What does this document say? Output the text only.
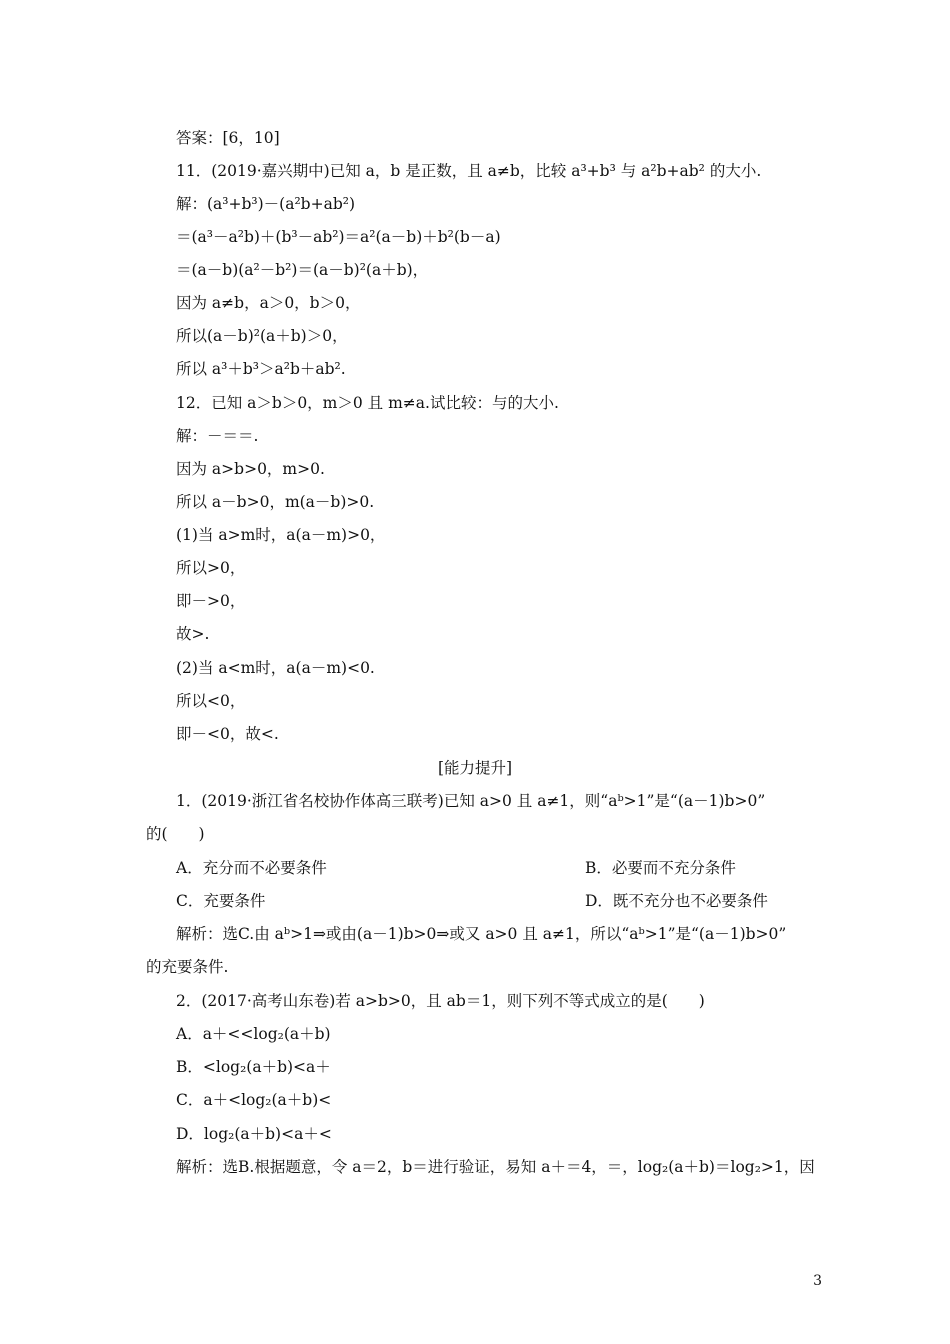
答案：[6，10]
11．(2019·嘉兴期中)已知 a，b 是正数，且 a≠b，比较 a³+b³ 与 a²b+ab² 的大小.
解：(a³+b³)－(a²b+ab²)
＝(a³－a²b)＋(b³－ab²)＝a²(a－b)＋b²(b－a)
＝(a－b)(a²－b²)＝(a－b)²(a＋b)，
因为 a≠b，a＞0，b＞0，
所以(a－b)²(a＋b)＞0，
所以 a³＋b³＞a²b＋ab².
12．已知 a＞b＞0，m＞0 且 m≠a.试比较：与的大小.
解：－＝＝.
因为 a>b>0，m>0.
所以 a－b>0，m(a－b)>0.
(1)当 a>m时，a(a－m)>0，
所以>0，
即－>0，
故>.
(2)当 a<m时，a(a－m)<0.
所以<0，
即－<0，故<.
[能力提升]
1．(2019·浙江省名校协作体高三联考)已知 a>0 且 a≠1，则“aᵇ>1”是“(a－1)b>0”
的(　　)
A．充分而不必要条件	B．必要而不充分条件
C．充要条件	D．既不充分也不必要条件
解析：选C.由 aᵇ>1⇒或由(a－1)b>0⇒或又 a>0 且 a≠1，所以“aᵇ>1”是“(a－1)b>0”
的充要条件.
2．(2017·高考山东卷)若 a>b>0，且 ab＝1，则下列不等式成立的是(　　)
A．a＋<<log₂(a＋b)
B．<log₂(a＋b)<a＋
C．a＋<log₂(a＋b)<
D．log₂(a＋b)<a＋<
解析：选B.根据题意，令 a＝2，b＝进行验证，易知 a＋＝4，＝，log₂(a＋b)＝log₂>1，因
3
